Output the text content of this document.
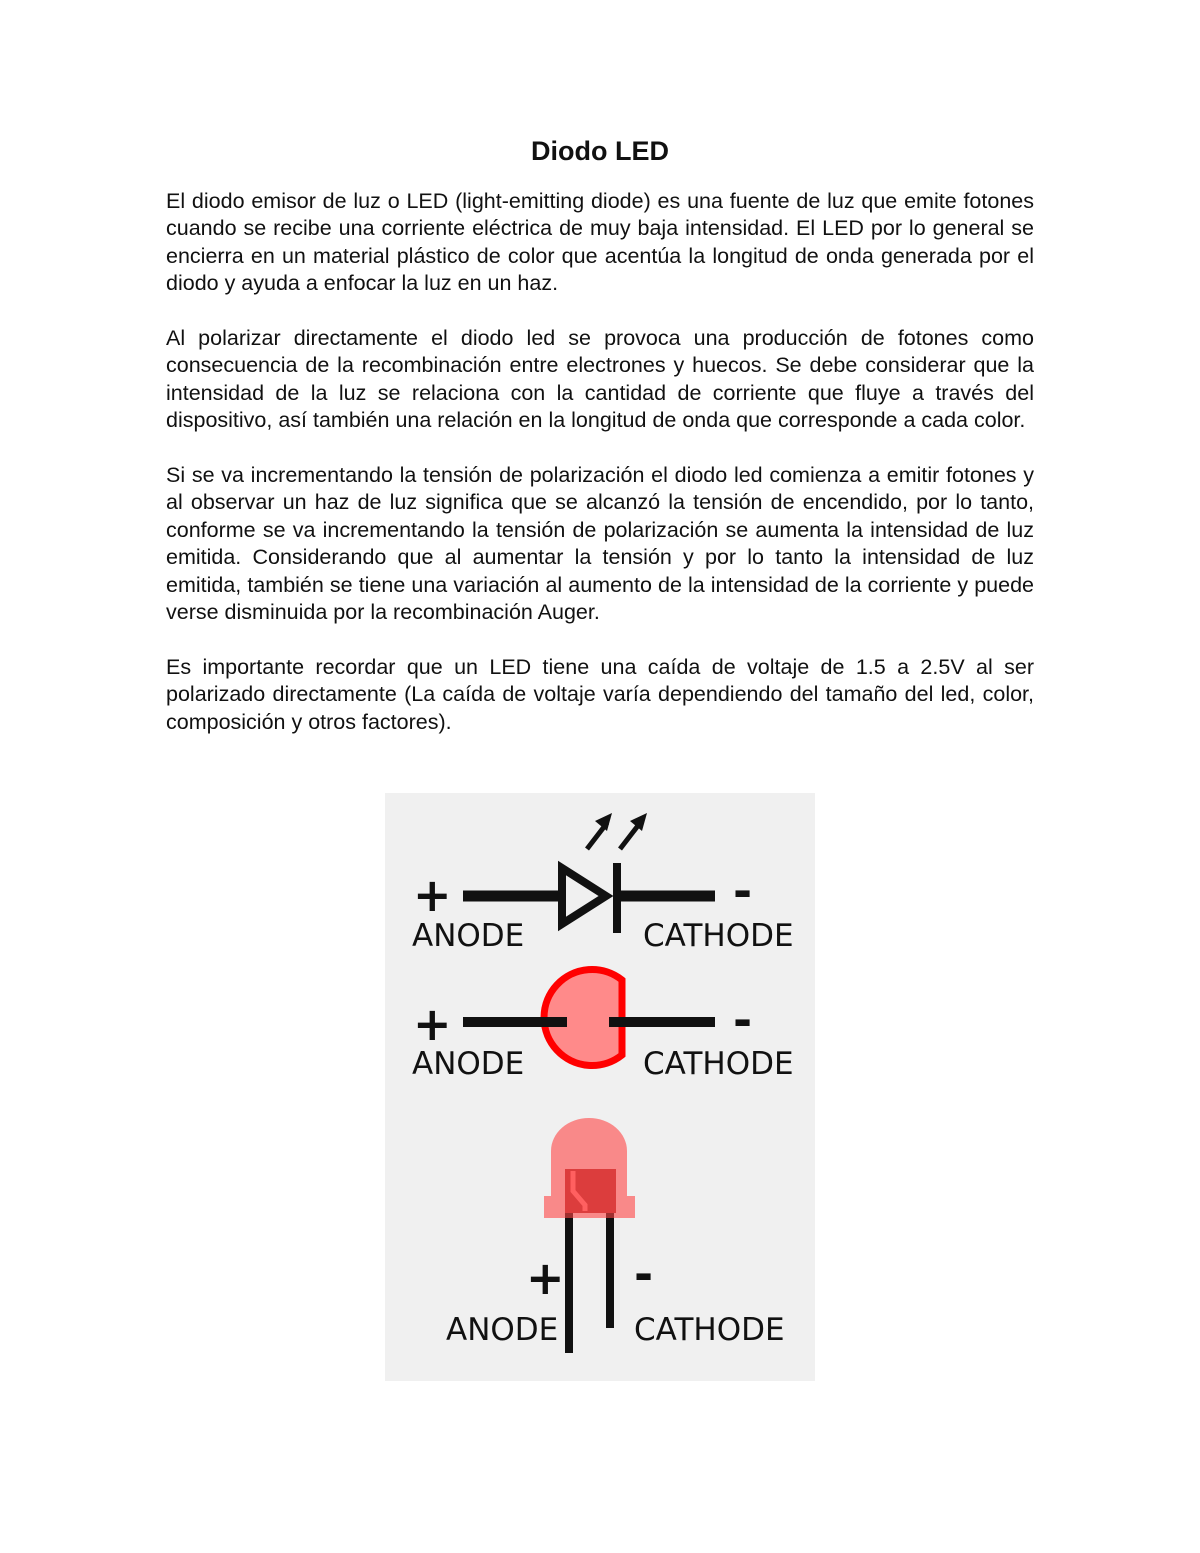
Diodo LED

El diodo emisor de luz o LED (light-emitting diode) es una fuente de luz que emite fotones cuando se recibe una corriente eléctrica de muy baja intensidad. El LED por lo general se encierra en un material plástico de color que acentúa la longitud de onda generada por el diodo y ayuda a enfocar la luz en un haz.

Al polarizar directamente el diodo led se provoca una producción de fotones como consecuencia de la recombinación entre electrones y huecos. Se debe considerar que la intensidad de la luz se relaciona con la cantidad de corriente que fluye a través del dispositivo, así también una relación en la longitud de onda que corresponde a cada color.

Si se va incrementando la tensión de polarización el diodo led comienza a emitir fotones y al observar un haz de luz significa que se alcanzó la tensión de encendido, por lo tanto, conforme se va incrementando la tensión de polarización se aumenta la intensidad de luz emitida. Considerando que al aumentar la tensión y por lo tanto la intensidad de luz emitida, también se tiene una variación al aumento de la intensidad de la corriente y puede verse disminuida por la recombinación Auger.

Es importante recordar que un LED tiene una caída de voltaje de 1.5 a 2.5V al ser polarizado directamente (La caída de voltaje varía dependiendo del tamaño del led, color, composición y otros factores).

+	-
ANODE	CATHODE
+	-
ANODE	CATHODE
+ -
ANODE CATHODE
